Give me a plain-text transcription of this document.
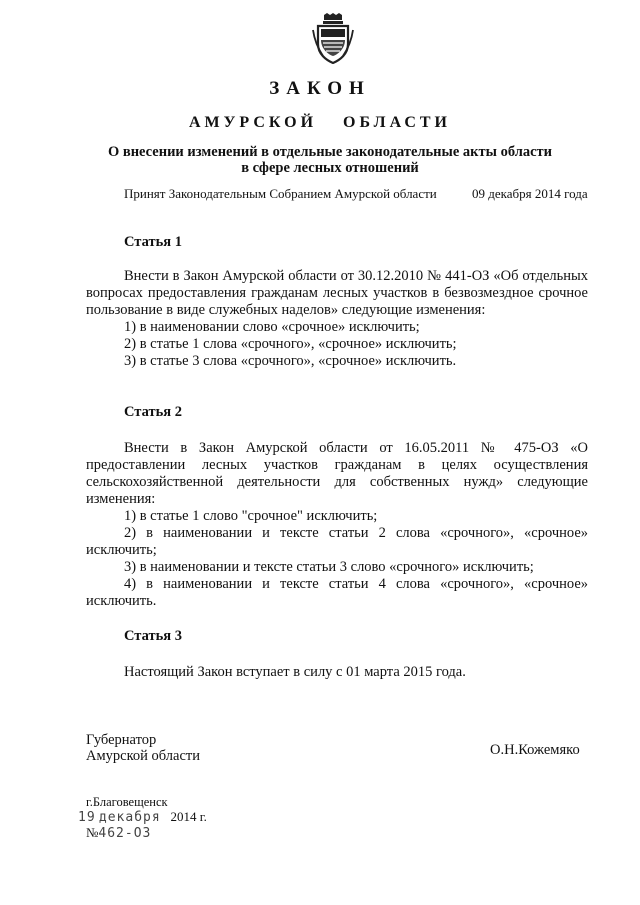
ЗАКОН
АМУРСКОЙ ОБЛАСТИ
О внесении изменений в отдельные законодательные акты области
в сфере лесных отношений
Принят Законодательным Собранием Амурской области	09 декабря 2014 года
Статья 1

Внести в Закон Амурской области от 30.12.2010 № 441-ОЗ «Об отдельных вопросах предоставления гражданам лесных участков в безвозмездное срочное пользование в виде служебных наделов» следующие изменения:

1) в наименовании слово «срочное» исключить;

2) в статье 1 слова «срочного», «срочное» исключить;

3) в статье 3 слова «срочного», «срочное» исключить.

Статья 2

Внести в Закон Амурской области от 16.05.2011 № 475-ОЗ «О предоставлении лесных участков гражданам в целях осуществления сельскохозяйственной деятельности для собственных нужд» следующие изменения:

1) в статье 1 слово "срочное" исключить;

2) в наименовании и тексте статьи 2 слова «срочного», «срочное» исключить;

3) в наименовании и тексте статьи 3 слово «срочного» исключить;

4) в наименовании и тексте статьи 4 слова «срочного», «срочное» исключить.

Статья 3

Настоящий Закон вступает в силу с 01 марта 2015 года.

Губернатор
Амурской области	О.Н.Кожемяко
г.Благовещенск
19 декабря 2014 г.
№462-ОЗ
